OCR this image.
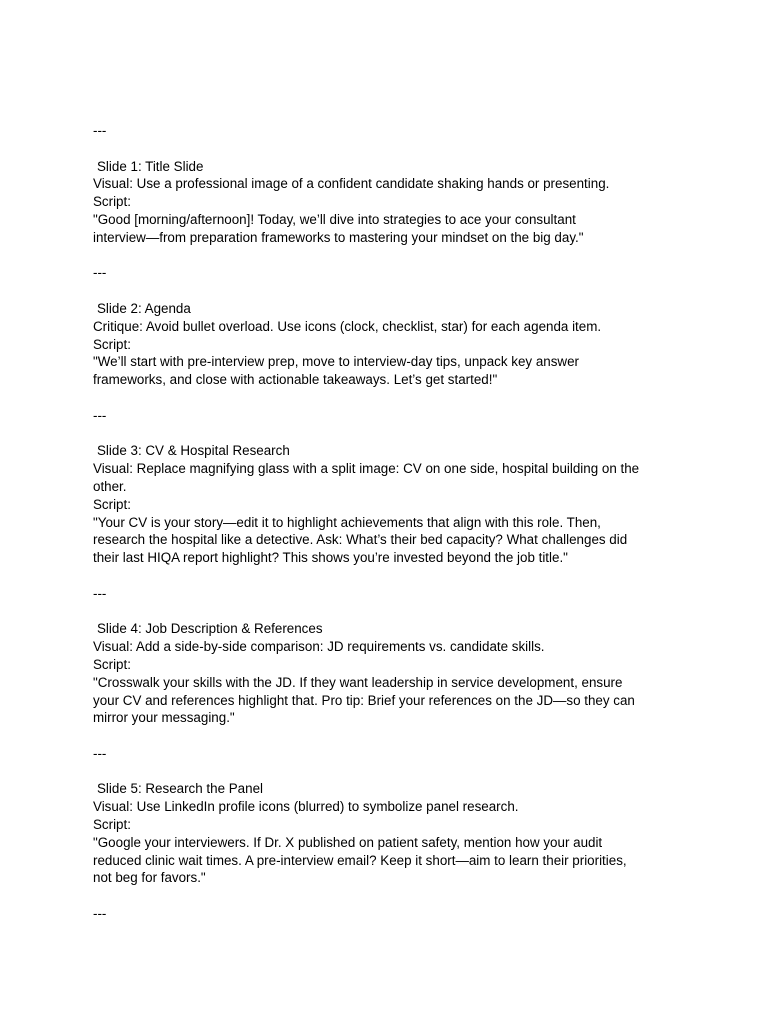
---
Slide 1: Title Slide
Visual: Use a professional image of a confident candidate shaking hands or presenting.
Script:
"Good [morning/afternoon]! Today, we’ll dive into strategies to ace your consultant
interview—from preparation frameworks to mastering your mindset on the big day."
---
Slide 2: Agenda
Critique: Avoid bullet overload. Use icons (clock, checklist, star) for each agenda item.
Script:
"We’ll start with pre-interview prep, move to interview-day tips, unpack key answer
frameworks, and close with actionable takeaways. Let’s get started!"
---
Slide 3: CV & Hospital Research
Visual: Replace magnifying glass with a split image: CV on one side, hospital building on the
other.
Script:
"Your CV is your story—edit it to highlight achievements that align with this role. Then,
research the hospital like a detective. Ask: What’s their bed capacity? What challenges did
their last HIQA report highlight? This shows you’re invested beyond the job title."
---
Slide 4: Job Description & References
Visual: Add a side-by-side comparison: JD requirements vs. candidate skills.
Script:
"Crosswalk your skills with the JD. If they want leadership in service development, ensure
your CV and references highlight that. Pro tip: Brief your references on the JD—so they can
mirror your messaging."
---
Slide 5: Research the Panel
Visual: Use LinkedIn profile icons (blurred) to symbolize panel research.
Script:
"Google your interviewers. If Dr. X published on patient safety, mention how your audit
reduced clinic wait times. A pre-interview email? Keep it short—aim to learn their priorities,
not beg for favors."
---
